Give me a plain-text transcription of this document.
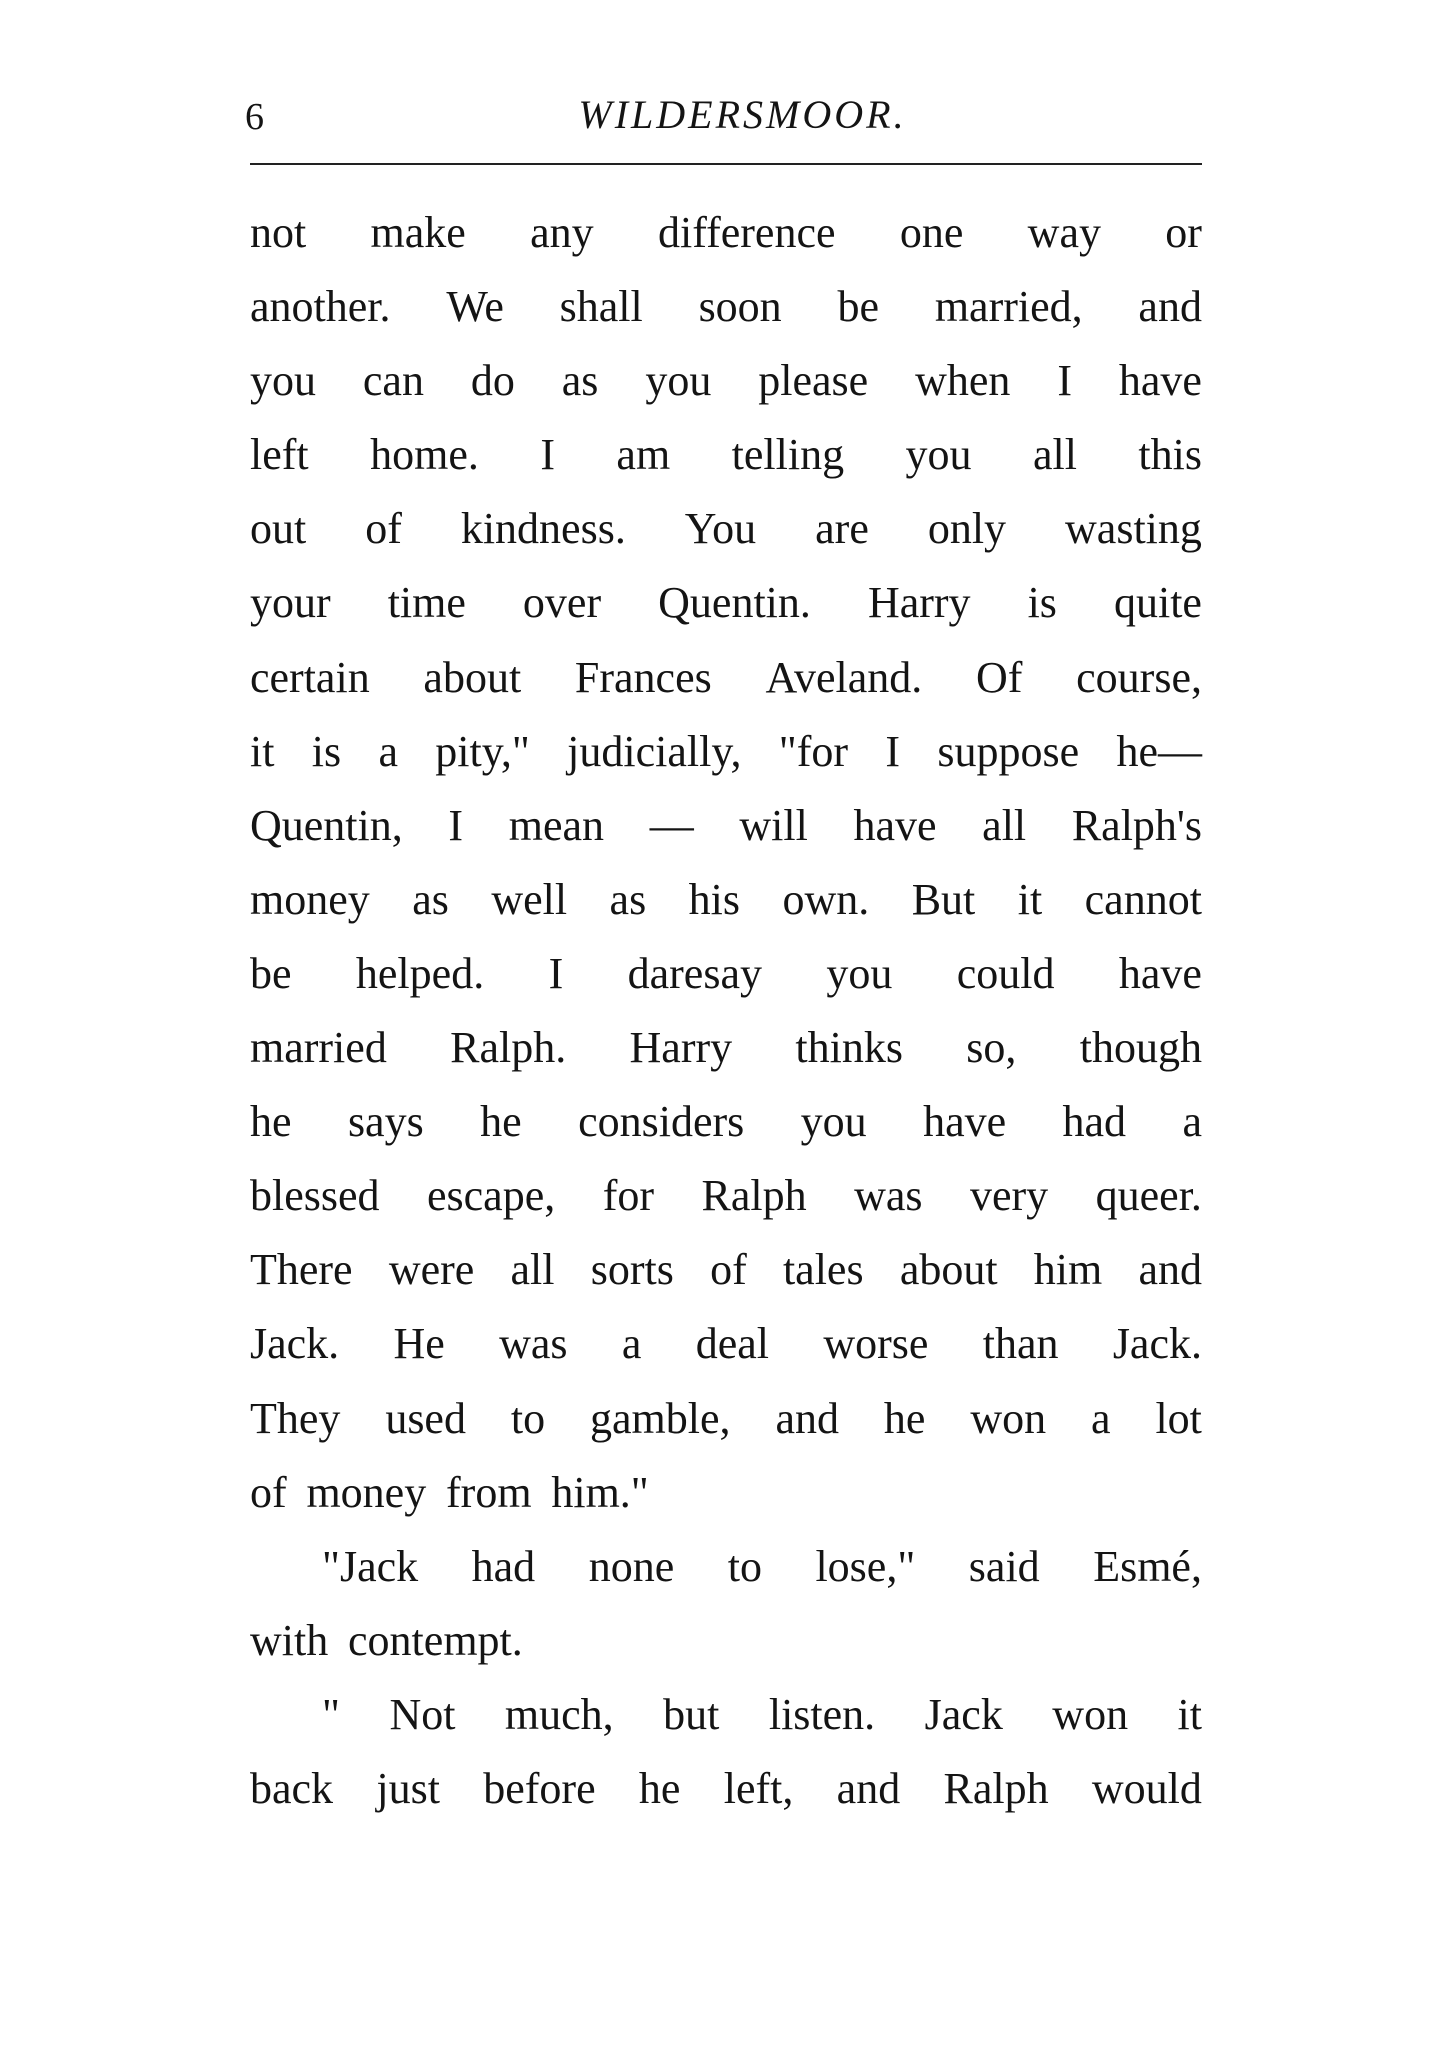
6	WILDERSMOOR.
not make any difference one way or
another. We shall soon be married, and
you can do as you please when I have
left home. I am telling you all this
out of kindness. You are only wasting
your time over Quentin. Harry is quite
certain about Frances Aveland. Of course,
it is a pity," judicially, "for I suppose he—
Quentin, I mean — will have all Ralph's
money as well as his own. But it cannot
be helped. I daresay you could have
married Ralph. Harry thinks so, though
he says he considers you have had a
blessed escape, for Ralph was very queer.
There were all sorts of tales about him and
Jack. He was a deal worse than Jack.
They used to gamble, and he won a lot
of money from him."
"Jack had none to lose," said Esmé,
with contempt.
" Not much, but listen. Jack won it
back just before he left, and Ralph would
